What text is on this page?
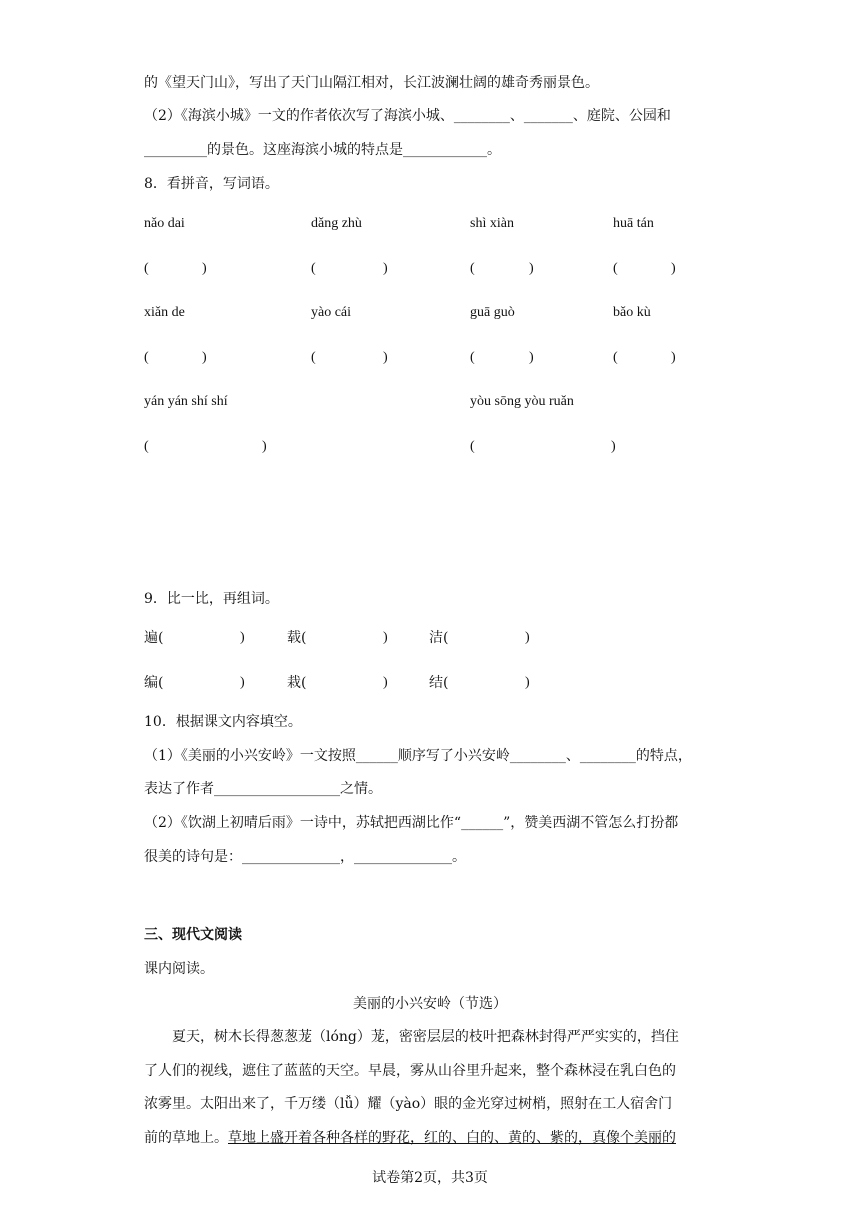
的《望天门山》，写出了天门山隔江相对，长江波澜壮阔的雄奇秀丽景色。
（2）《海滨小城》一文的作者依次写了海滨小城、________、_______、庭院、公园和
_________的景色。这座海滨小城的特点是____________。
8．看拼音，写词语。
nǎo dai	dǎng zhù	shì xiàn	huā tán
(	)	(	)	(	)	(	)
xiǎn de	yào cái	guā guò	bǎo kù
(	)	(	)	(	)	(	)
yán yán shí shí	yòu sōng yòu ruǎn
(	)	(	)
9．比一比，再组词。
遍(	)	载(	)	洁(	)
编(	)	栽(	)	结(	)
10．根据课文内容填空。
（1）《美丽的小兴安岭》一文按照______顺序写了小兴安岭________、________的特点，
表达了作者__________________之情。
（2）《饮湖上初晴后雨》一诗中，苏轼把西湖比作“______”，赞美西湖不管怎么打扮都
很美的诗句是：______________，______________。
三、现代文阅读
课内阅读。
美丽的小兴安岭（节选）
夏天，树木长得葱葱茏（lóng）茏，密密层层的枝叶把森林封得严严实实的，挡住
了人们的视线，遮住了蓝蓝的天空。早晨，雾从山谷里升起来，整个森林浸在乳白色的
浓雾里。太阳出来了，千万缕（lǚ）耀（yào）眼的金光穿过树梢，照射在工人宿舍门
前的草地上。草地上盛开着各种各样的野花，红的、白的、黄的、紫的，真像个美丽的
试卷第2页，共3页
